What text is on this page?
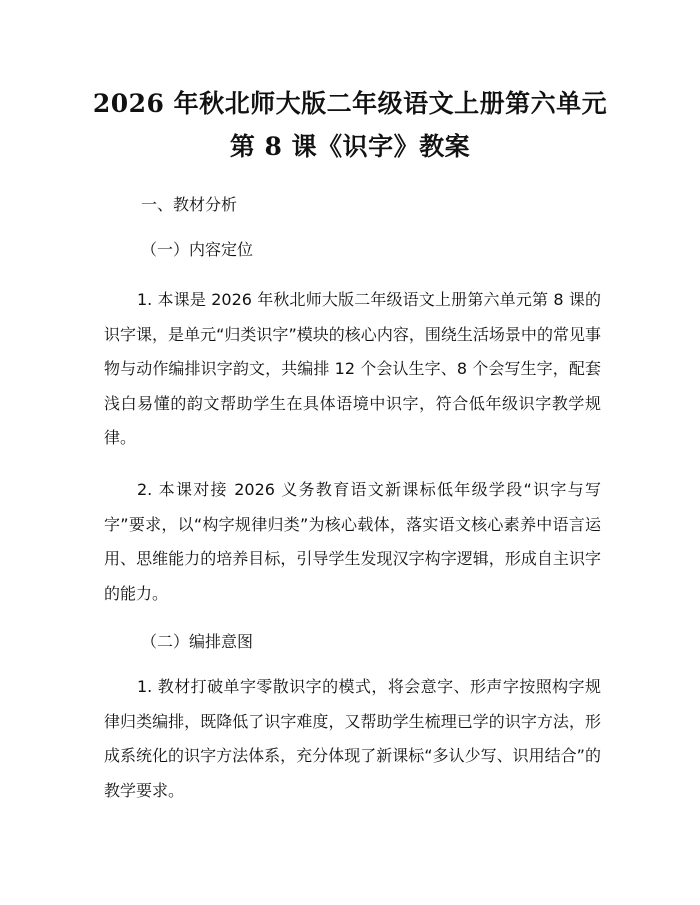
2026 年秋北师大版二年级语文上册第六单元
第 8 课《识字》教案
一、教材分析
（一）内容定位

1. 本课是 2026 年秋北师大版二年级语文上册第六单元第 8 课的识字课，是单元“归类识字”模块的核心内容，围绕生活场景中的常见事物与动作编排识字韵文，共编排 12 个会认生字、8 个会写生字，配套浅白易懂的韵文帮助学生在具体语境中识字，符合低年级识字教学规律。

2. 本课对接 2026 义务教育语文新课标低年级学段“识字与写字”要求，以“构字规律归类”为核心载体，落实语文核心素养中语言运用、思维能力的培养目标，引导学生发现汉字构字逻辑，形成自主识字的能力。

（二）编排意图

1. 教材打破单字零散识字的模式，将会意字、形声字按照构字规律归类编排，既降低了识字难度，又帮助学生梳理已学的识字方法，形成系统化的识字方法体系，充分体现了新课标“多认少写、识用结合”的教学要求。
